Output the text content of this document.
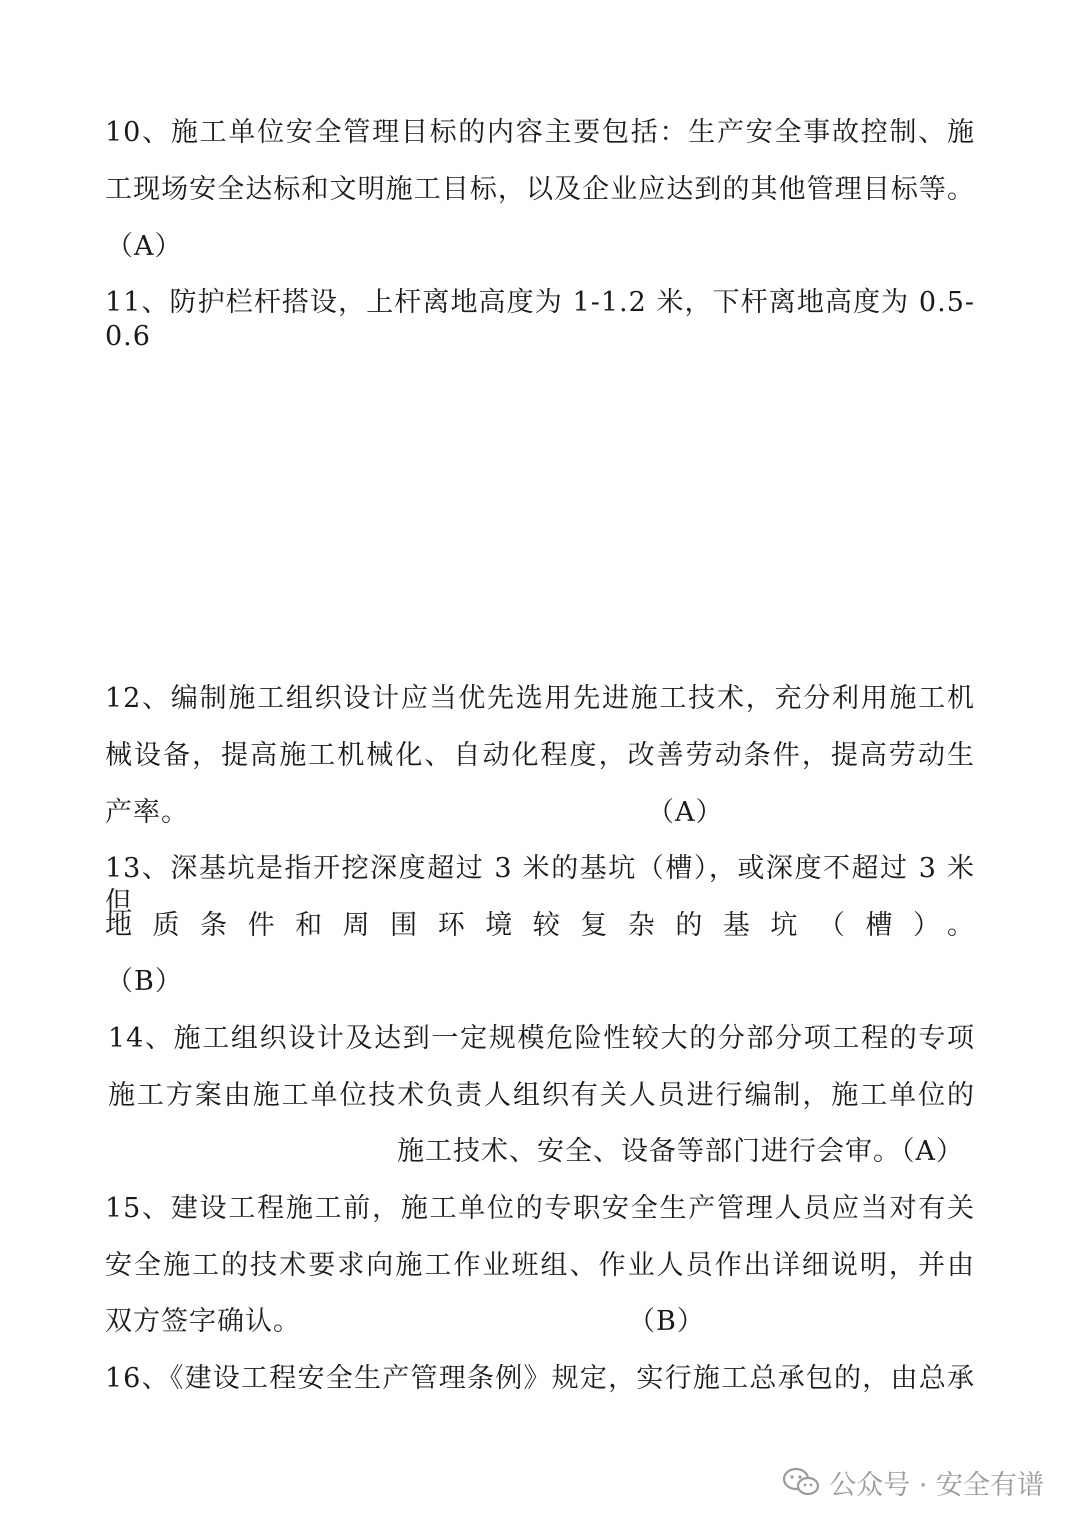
10、施工单位安全管理目标的内容主要包括：生产安全事故控制、施
工现场安全达标和文明施工目标，以及企业应达到的其他管理目标等。
（A）
11、防护栏杆搭设，上杆离地高度为 1-1.2 米，下杆离地高度为 0.5-0.6
12、编制施工组织设计应当优先选用先进施工技术，充分利用施工机
械设备，提高施工机械化、自动化程度，改善劳动条件，提高劳动生
产率。	（A）
13、深基坑是指开挖深度超过 3 米的基坑（槽），或深度不超过 3 米但
地质条件和周围环境较复杂的基坑（槽）。
（B）
14、施工组织设计及达到一定规模危险性较大的分部分项工程的专项
施工方案由施工单位技术负责人组织有关人员进行编制，施工单位的
施工技术、安全、设备等部门进行会审。（A）
15、建设工程施工前，施工单位的专职安全生产管理人员应当对有关
安全施工的技术要求向施工作业班组、作业人员作出详细说明，并由
双方签字确认。	（B）
16、《建设工程安全生产管理条例》规定，实行施工总承包的，由总承
公众号 · 安全有谱
